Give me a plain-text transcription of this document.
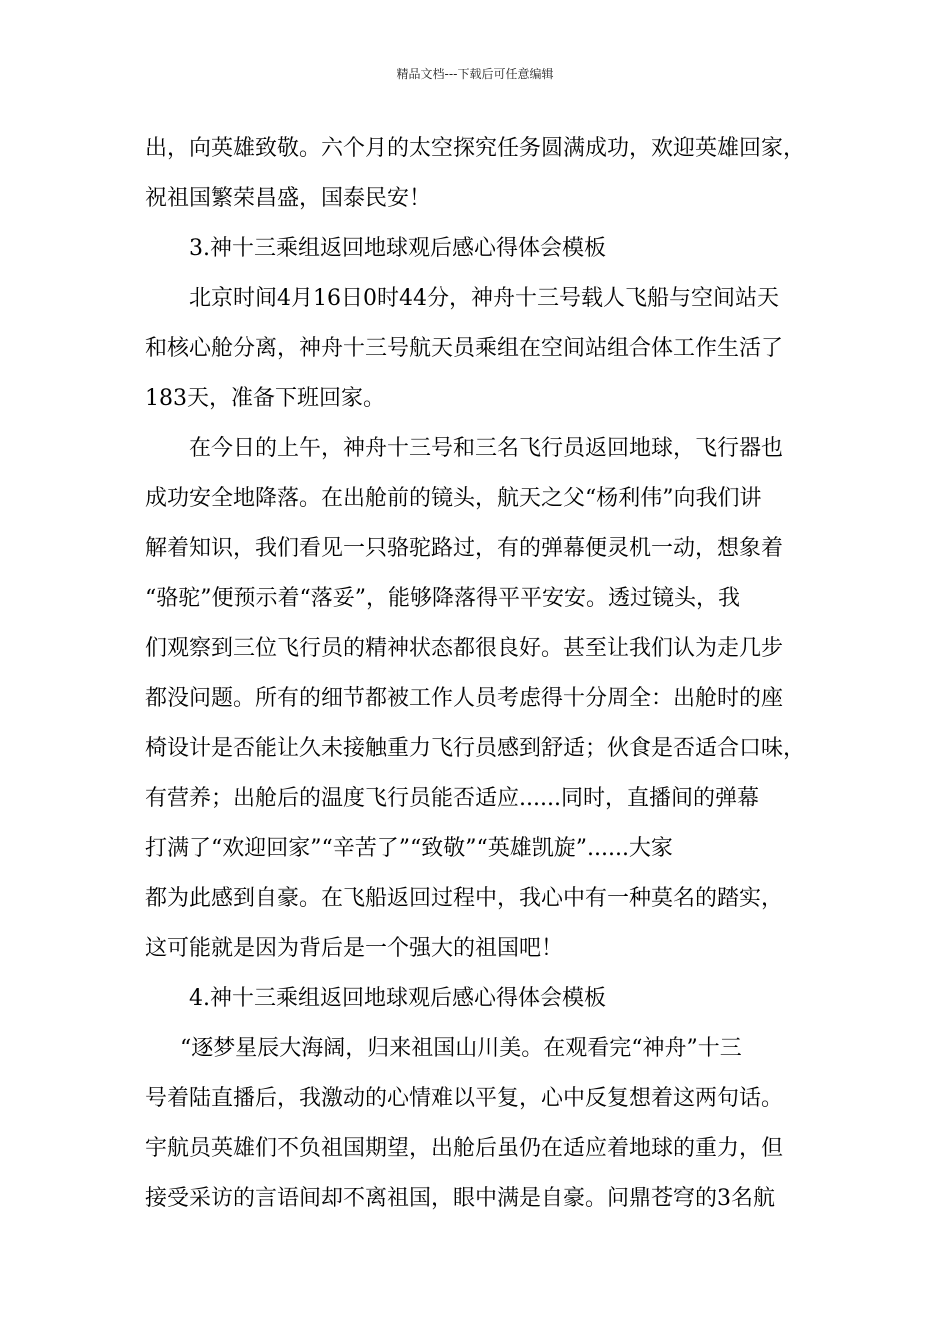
精品文档---下载后可任意编辑
出，向英雄致敬。六个月的太空探究任务圆满成功，欢迎英雄回家，
祝祖国繁荣昌盛，国泰民安！
3.神十三乘组返回地球观后感心得体会模板
北京时间4月16日0时44分，神舟十三号载人飞船与空间站天
和核心舱分离，神舟十三号航天员乘组在空间站组合体工作生活了
183天，准备下班回家。
在今日的上午，神舟十三号和三名飞行员返回地球，飞行器也
成功安全地降落。在出舱前的镜头，航天之父“杨利伟”向我们讲
解着知识，我们看见一只骆驼路过，有的弹幕便灵机一动，想象着
“骆驼”便预示着“落妥”，能够降落得平平安安。透过镜头，我
们观察到三位飞行员的精神状态都很良好。甚至让我们认为走几步
都没问题。所有的细节都被工作人员考虑得十分周全：出舱时的座
椅设计是否能让久未接触重力飞行员感到舒适；伙食是否适合口味，
有营养；出舱后的温度飞行员能否适应......同时，直播间的弹幕
打满了“欢迎回家”“辛苦了”“致敬”“英雄凯旋”......大家
都为此感到自豪。在飞船返回过程中，我心中有一种莫名的踏实，
这可能就是因为背后是一个强大的祖国吧！
4.神十三乘组返回地球观后感心得体会模板
“逐梦星辰大海阔，归来祖国山川美。在观看完“神舟”十三
号着陆直播后，我激动的心情难以平复，心中反复想着这两句话。
宇航员英雄们不负祖国期望，出舱后虽仍在适应着地球的重力，但
接受采访的言语间却不离祖国，眼中满是自豪。问鼎苍穹的3名航
